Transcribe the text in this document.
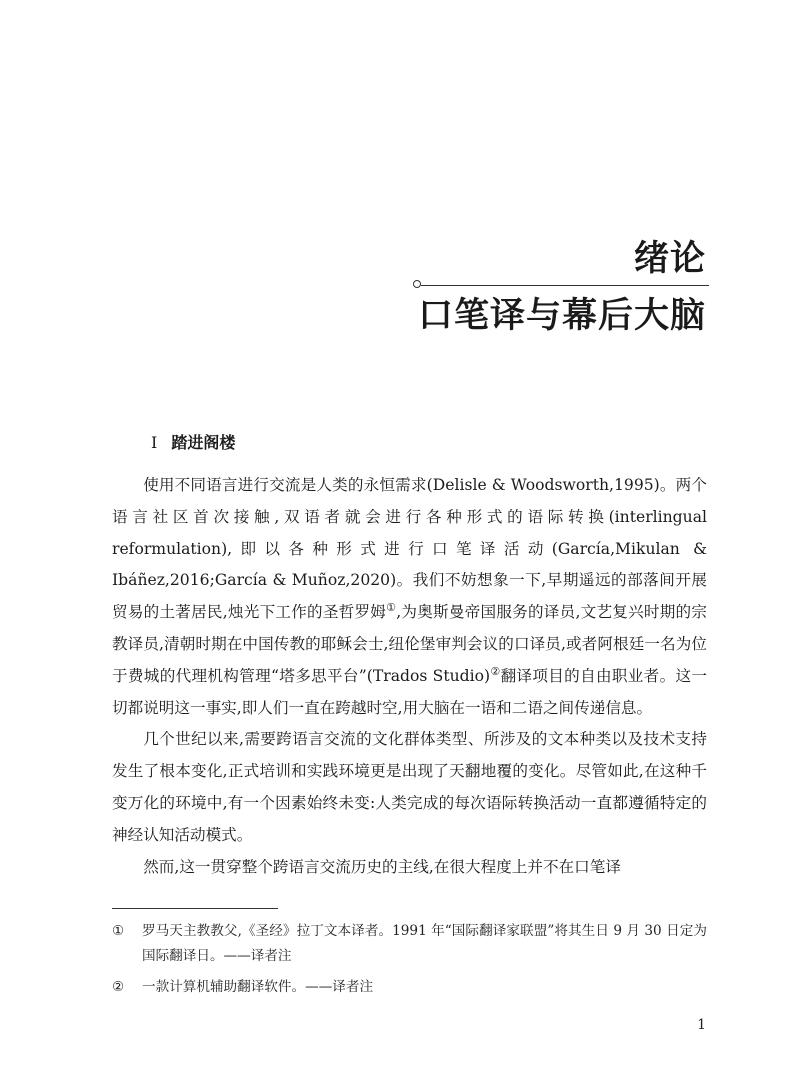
绪论
口笔译与幕后大脑
I 踏进阁楼

使用不同语言进行交流是人类的永恒需求(Delisle & Woodsworth,1995)。两个语言社区首次接触,双语者就会进行各种形式的语际转换(interlingual reformulation),即以各种形式进行口笔译活动(García,Mikulan & Ibáñez,2016;García & Muñoz,2020)。我们不妨想象一下,早期遥远的部落间开展贸易的土著居民,烛光下工作的圣哲罗姆①,为奥斯曼帝国服务的译员,文艺复兴时期的宗教译员,清朝时期在中国传教的耶稣会士,纽伦堡审判会议的口译员,或者阿根廷一名为位于费城的代理机构管理“塔多思平台”(Trados Studio)②翻译项目的自由职业者。这一切都说明这一事实,即人们一直在跨越时空,用大脑在一语和二语之间传递信息。

几个世纪以来,需要跨语言交流的文化群体类型、所涉及的文本种类以及技术支持发生了根本变化,正式培训和实践环境更是出现了天翻地覆的变化。尽管如此,在这种千变万化的环境中,有一个因素始终未变:人类完成的每次语际转换活动一直都遵循特定的神经认知活动模式。

然而,这一贯穿整个跨语言交流历史的主线,在很大程度上并不在口笔译

①	罗马天主教教父,《圣经》拉丁文本译者。1991 年“国际翻译家联盟”将其生日 9 月 30 日定为国际翻译日。——译者注
②	一款计算机辅助翻译软件。——译者注
1
